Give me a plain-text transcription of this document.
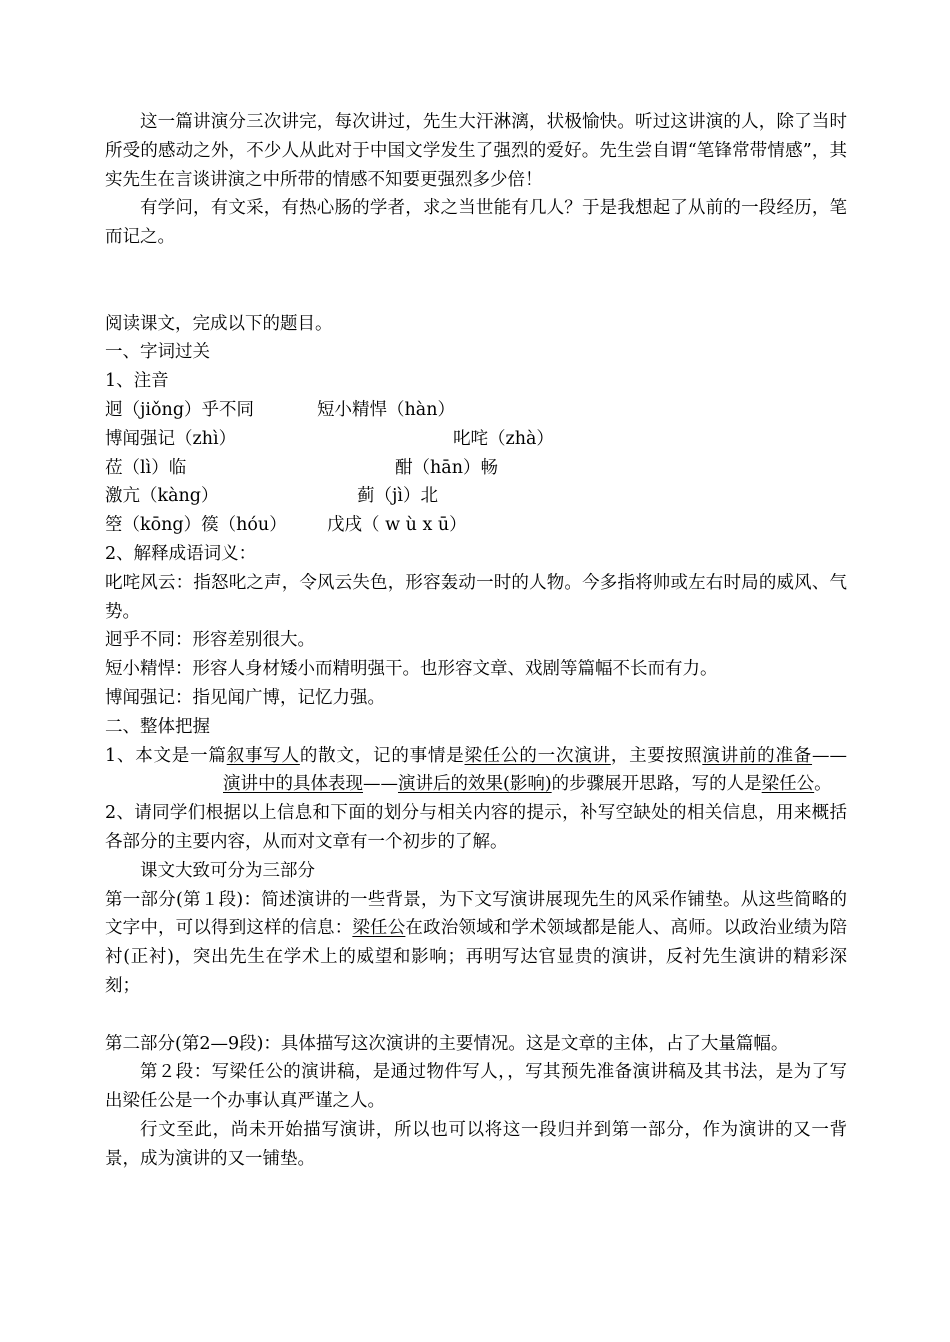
这一篇讲演分三次讲完，每次讲过，先生大汗淋漓，状极愉快。听过这讲演的人，除了当时所受的感动之外，不少人从此对于中国文学发生了强烈的爱好。先生尝自谓“笔锋常带情感”，其实先生在言谈讲演之中所带的情感不知要更强烈多少倍！

有学问，有文采，有热心肠的学者，求之当世能有几人？于是我想起了从前的一段经历，笔而记之。

阅读课文，完成以下的题目。

一、字词过关

1、注音

迥（jiǒng）乎不同	短小精悍（hàn）
博闻强记（zhì）	叱咤（zhà）
莅（lì）临	酣（hān）畅
激亢（kàng）	蓟（jì）北
箜（kōng）篌（hóu） 戊戌（ w ù x ū）

2、解释成语词义：

叱咤风云：指怒叱之声，令风云失色，形容轰动一时的人物。今多指将帅或左右时局的威风、气势。

迥乎不同：形容差别很大。

短小精悍：形容人身材矮小而精明强干。也形容文章、戏剧等篇幅不长而有力。

博闻强记：指见闻广博，记忆力强。

二、整体把握

1、本文是一篇叙事写人的散文，记的事情是梁任公的一次演讲，主要按照演讲前的准备——演讲中的具体表现——演讲后的效果(影响)的步骤展开思路，写的人是梁任公。

2、请同学们根据以上信息和下面的划分与相关内容的提示，补写空缺处的相关信息，用来概括各部分的主要内容，从而对文章有一个初步的了解。

课文大致可分为三部分

第一部分(第１段)：简述演讲的一些背景，为下文写演讲展现先生的风采作铺垫。从这些简略的文字中，可以得到这样的信息：梁任公在政治领域和学术领域都是能人、高师。以政治业绩为陪衬(正衬)，突出先生在学术上的威望和影响；再明写达官显贵的演讲，反衬先生演讲的精彩深刻；

第二部分(第2—9段)：具体描写这次演讲的主要情况。这是文章的主体，占了大量篇幅。

第２段：写梁任公的演讲稿，是通过物件写人，，写其预先准备演讲稿及其书法，是为了写出梁任公是一个办事认真严谨之人。

行文至此，尚未开始描写演讲，所以也可以将这一段归并到第一部分，作为演讲的又一背景，成为演讲的又一铺垫。
